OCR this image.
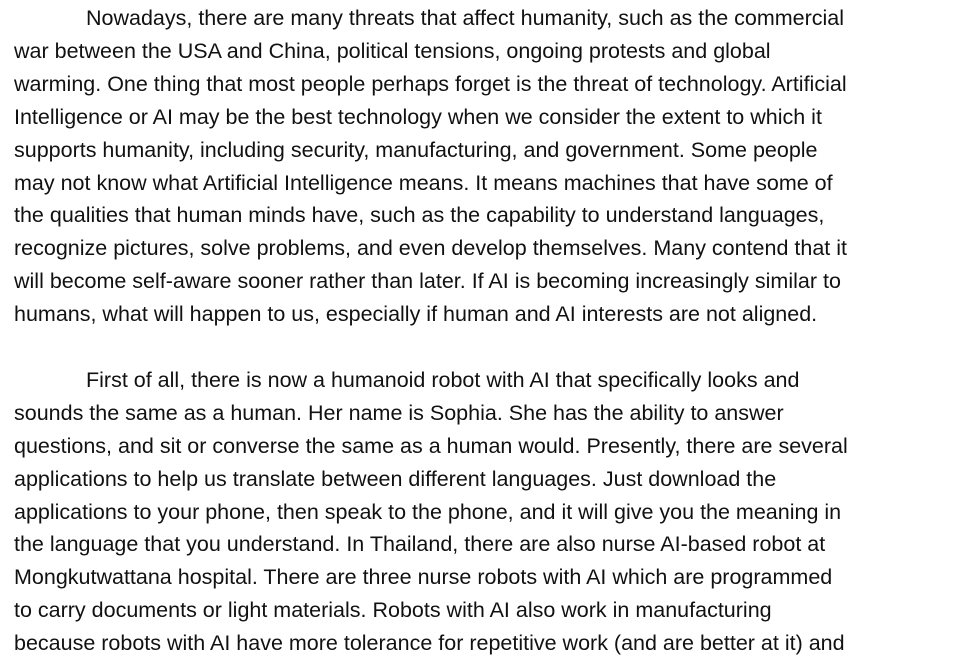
Nowadays, there are many threats that affect humanity, such as the commercial
war between the USA and China, political tensions, ongoing protests and global
warming. One thing that most people perhaps forget is the threat of technology. Artificial
Intelligence or AI may be the best technology when we consider the extent to which it
supports humanity, including security, manufacturing, and government. Some people
may not know what Artificial Intelligence means. It means machines that have some of
the qualities that human minds have, such as the capability to understand languages,
recognize pictures, solve problems, and even develop themselves. Many contend that it
will become self-aware sooner rather than later. If AI is becoming increasingly similar to
humans, what will happen to us, especially if human and AI interests are not aligned.
First of all, there is now a humanoid robot with AI that specifically looks and
sounds the same as a human. Her name is Sophia. She has the ability to answer
questions, and sit or converse the same as a human would. Presently, there are several
applications to help us translate between different languages. Just download the
applications to your phone, then speak to the phone, and it will give you the meaning in
the language that you understand. In Thailand, there are also nurse AI-based robot at
Mongkutwattana hospital. There are three nurse robots with AI which are programmed
to carry documents or light materials. Robots with AI also work in manufacturing
because robots with AI have more tolerance for repetitive work (and are better at it) and
